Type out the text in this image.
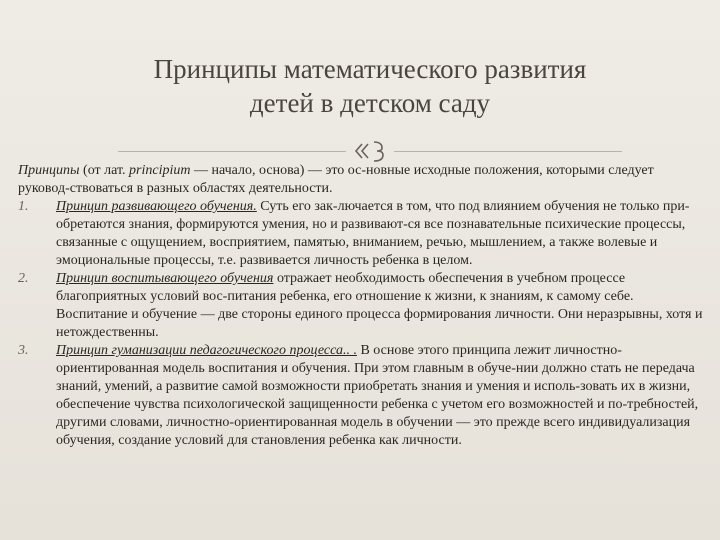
Принципы математического развития
детей в детском саду
Принципы (от лат. principium — начало, основа) — это ос-новные исходные положения, которыми следует руковод-ствоваться в разных областях деятельности.
1.	Принцип развивающего обучения. Суть его зак-лючается в том, что под влиянием обучения не только при-обретаются знания, формируются умения, но и развивают-ся все познавательные психические процессы, связанные с ощущением, восприятием, памятью, вниманием, речью, мышлением, а также волевые и эмоциональные процессы, т.е. развивается личность ребенка в целом.
2.	Принцип воспитывающего обучения отражает необходимость обеспечения в учебном процессе благоприятных условий вос-питания ребенка, его отношение к жизни, к знаниям, к самому себе. Воспитание и обучение — две стороны единого процесса формирования личности. Они неразрывны, хотя и нетождественны.
3.	Принцип гуманизации педагогического процесса.. . В основе этого принципа лежит личностно-ориентированная модель воспитания и обучения. При этом главным в обуче-нии должно стать не передача знаний, умений, а развитие самой возможности приобретать знания и умения и исполь-зовать их в жизни, обеспечение чувства психологической защищенности ребенка с учетом его возможностей и по-требностей, другими словами, личностно-ориентированная модель в обучении — это прежде всего индивидуализация обучения, создание условий для становления ребенка как личности.
